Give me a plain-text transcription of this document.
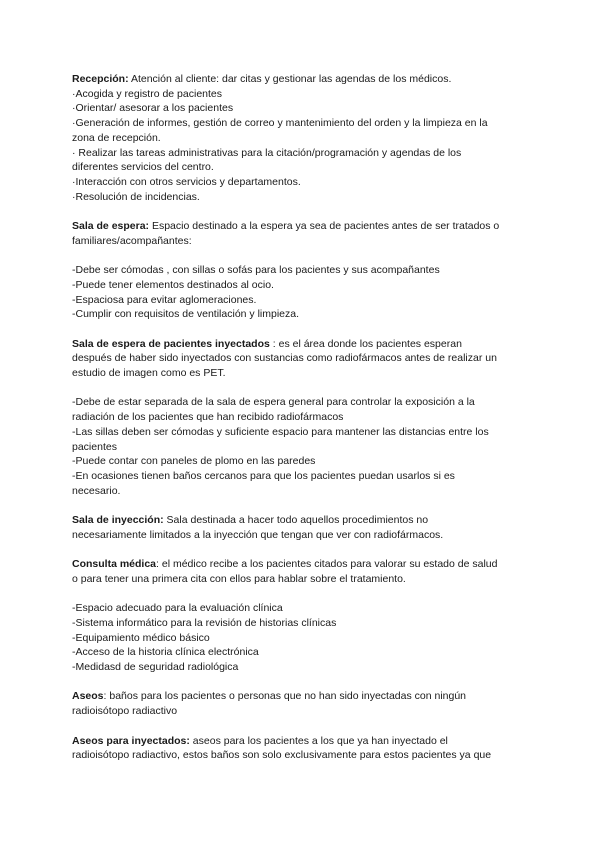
Recepción: Atención al cliente: dar citas y gestionar las agendas de los médicos.
·Acogida y registro de pacientes
·Orientar/ asesorar a los pacientes
·Generación de informes, gestión de correo y mantenimiento del orden y la limpieza en la
zona de recepción.
· Realizar las tareas administrativas para la citación/programación y agendas de los
diferentes servicios del centro.
·Interacción con otros servicios y departamentos.
·Resolución de incidencias.
Sala de espera: Espacio destinado a la espera ya sea de pacientes antes de ser tratados o
familiares/acompañantes:
-Debe ser cómodas , con sillas o sofás para los pacientes y sus acompañantes
-Puede tener elementos destinados al ocio.
-Espaciosa para evitar aglomeraciones.
-Cumplir con requisitos de ventilación y limpieza.
Sala de espera de pacientes inyectados : es el área donde los pacientes esperan
después de haber sido inyectados con sustancias como radiofármacos antes de realizar un
estudio de imagen como es PET.
-Debe de estar separada de la sala de espera general para controlar la exposición a la
radiación de los pacientes que han recibido radiofármacos
-Las sillas deben ser cómodas y suficiente espacio para mantener las distancias entre los
pacientes
-Puede contar con paneles de plomo en las paredes
-En ocasiones tienen baños cercanos para que los pacientes puedan usarlos si es
necesario.
Sala de inyección: Sala destinada a hacer todo aquellos procedimientos no
necesariamente limitados a la inyección que tengan que ver con radiofármacos.
Consulta médica: el médico recibe a los pacientes citados para valorar su estado de salud
o para tener una primera cita con ellos para hablar sobre el tratamiento.
-Espacio adecuado para la evaluación clínica
-Sistema informático para la revisión de historias clínicas
-Equipamiento médico básico
-Acceso de la historia clínica electrónica
-Medidasd de seguridad radiológica
Aseos: baños para los pacientes o personas que no han sido inyectadas con ningún
radioisótopo radiactivo
Aseos para inyectados: aseos para los pacientes a los que ya han inyectado el
radioisótopo radiactivo, estos baños son solo exclusivamente para estos pacientes ya que
